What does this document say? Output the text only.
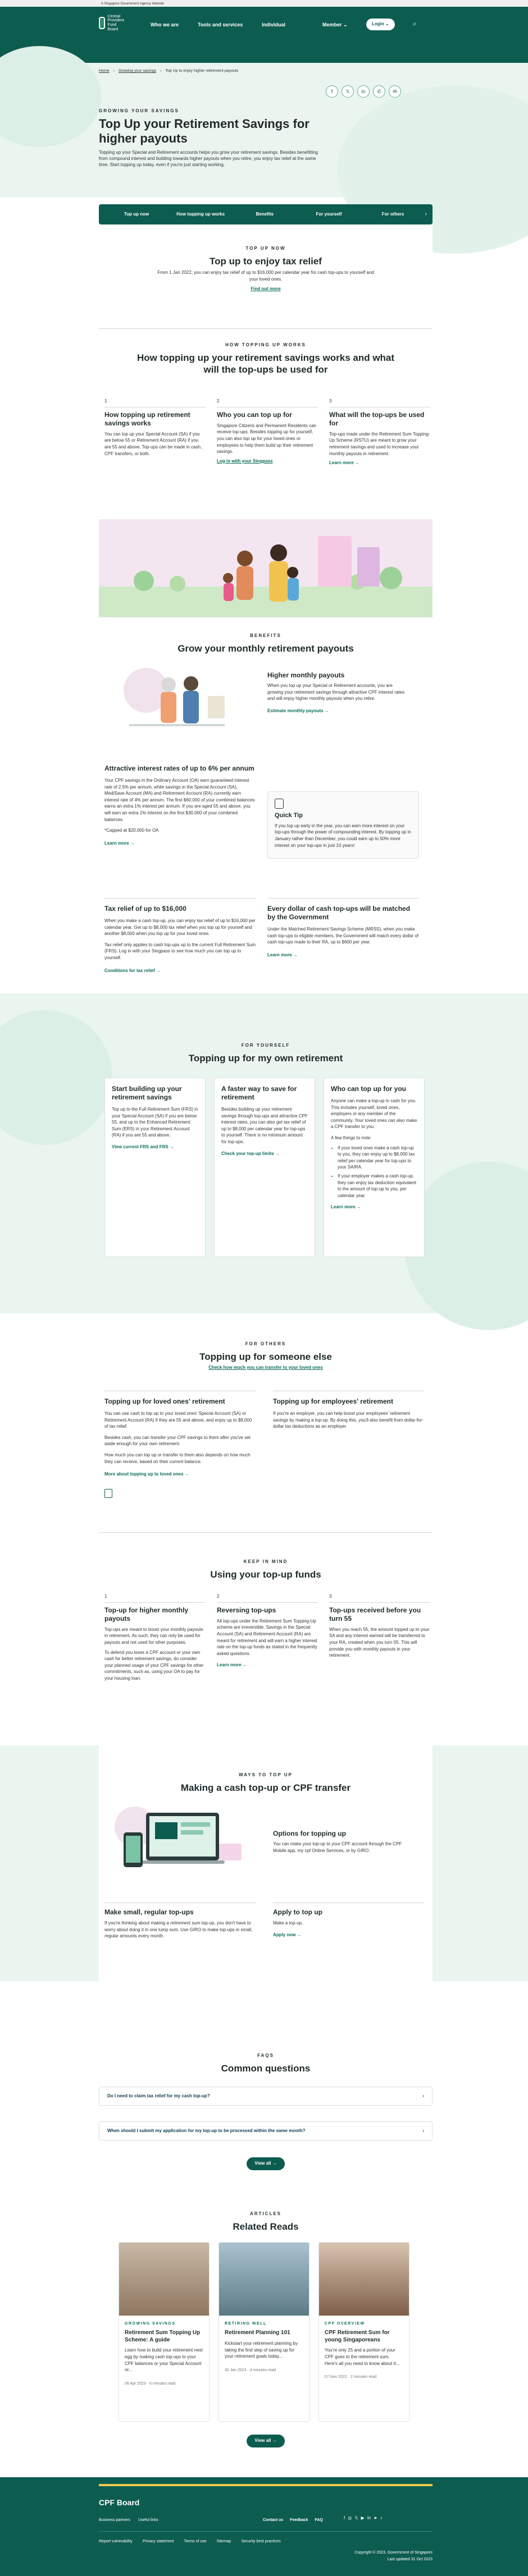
A Singapore Government Agency Website
Central Provident Fund Board
Who we are	Tools and services	Individual	Member ⌄	Login ⌄	⌕
Home › Growing your savings › Top Up to enjoy higher retirement payouts
f	𝕏	in	✆	✉
GROWING YOUR SAVINGS
Top Up your Retirement Savings for higher payouts
Topping up your Special and Retirement accounts helps you grow your retirement savings. Besides benefitting from compound interest and building towards higher payouts when you retire, you enjoy tax relief at the same time. Start topping up today, even if you're just starting working.
Top up now	How topping up works	Benefits	For yourself	For others	›
TOP UP NOW
Top up to enjoy tax relief
From 1 Jan 2022, you can enjoy tax relief of up to $16,000 per calendar year for cash top-ups to yourself and your loved ones.
Find out more
HOW TOPPING UP WORKS
How topping up your retirement savings works and what will the top-ups be used for
1
How topping up retirement savings works
You can top up your Special Account (SA) if you are below 55 or Retirement Account (RA) if you are 55 and above. Top-ups can be made in cash, CPF transfers, or both.
2
Who you can top up for
Singapore Citizens and Permanent Residents can receive top-ups. Besides topping up for yourself, you can also top up for your loved ones or employees to help them build up their retirement savings.
Log in with your Singpass
3
What will the top-ups be used for
Top-ups made under the Retirement Sum Topping-Up Scheme (RSTU) are meant to grow your retirement savings and used to increase your monthly payouts in retirement.
Learn more →
BENEFITS
Grow your monthly retirement payouts
Higher monthly payouts
When you top up your Special or Retirement accounts, you are growing your retirement savings through attractive CPF interest rates and will enjoy higher monthly payouts when you retire.
Estimate monthly payouts →
Attractive interest rates of up to 6% per annum
Your CPF savings in the Ordinary Account (OA) earn guaranteed interest rate of 2.5% per annum, while savings in the Special Account (SA), MediSave Account (MA) and Retirement Account (RA) currently earn interest rate of 4% per annum. The first $60,000 of your combined balances earns an extra 1% interest per annum. If you are aged 55 and above, you will earn an extra 1% interest on the first $30,000 of your combined balances.
*Capped at $20,000 for OA
Learn more →
Quick Tip
If you top up early in the year, you can earn more interest on your top-ups through the power of compounding interest. By topping up in January rather than December, you could earn up to 50% more interest on your top-ups in just 10 years!
Tax relief of up to $16,000
When you make a cash top-up, you can enjoy tax relief of up to $16,000 per calendar year. Get up to $8,000 tax relief when you top up for yourself and another $8,000 when you top up for your loved ones.
Tax relief only applies to cash top-ups up to the current Full Retirement Sum (FRS). Log in with your Singpass to see how much you can top up to yourself.
Conditions for tax relief →
Every dollar of cash top-ups will be matched by the Government
Under the Matched Retirement Savings Scheme (MRSS), when you make cash top-ups to eligible members, the Government will match every dollar of cash top-ups made to their RA, up to $600 per year.
Learn more →
FOR YOURSELF
Topping up for my own retirement
Start building up your retirement savings
Top up to the Full Retirement Sum (FRS) in your Special Account (SA) if you are below 55, and up to the Enhanced Retirement Sum (ERS) in your Retirement Account (RA) if you are 55 and above.
View current FRS and FRS →
A faster way to save for retirement
Besides building up your retirement savings through top-ups and attractive CPF interest rates, you can also get tax relief of up to $8,000 per calendar year for top-ups to yourself. There is no minimum amount for top-ups.
Check your top-up limits →
Who can top up for you
Anyone can make a top-up in cash for you. This includes yourself, loved ones, employers or any member of the community. Your loved ones can also make a CPF transfer to you.
A few things to note:
• If your loved ones make a cash top-up to you, they can enjoy up to $8,000 tax relief per calendar year for top-ups to your SA/RA.
• If your employer makes a cash top-up, they can enjoy tax deduction equivalent to the amount of top-up to you, per calendar year.
Learn more →
FOR OTHERS
Topping up for someone else
Check how much you can transfer to your loved ones
Topping up for loved ones' retirement
You can use cash to top up to your loved ones' Special Account (SA) or Retirement Account (RA) if they are 55 and above, and enjoy up to $8,000 of tax relief.
Besides cash, you can transfer your CPF savings to them after you've set aside enough for your own retirement.
How much you can top up or transfer to them also depends on how much they can receive, based on their current balance.
More about topping up to loved ones →
Topping up for employees' retirement
If you're an employer, you can help boost your employees' retirement savings by making a top-up. By doing this, you'll also benefit from dollar-for-dollar tax deductions as an employer.
KEEP IN MIND
Using your top-up funds
1
Top-up for higher monthly payouts
Top-ups are meant to boost your monthly payouts in retirement. As such, they can only be used for payouts and not used for other purposes.
To defend you loses a CPF account or your own cash for better retirement savings, do consider your planned usage of your CPF savings for other commitments, such as, using your OA to pay for your housing loan.
2
Reversing top-ups
All top-ups under the Retirement Sum Topping-Up scheme are irreversible. Savings in the Special Account (SA) and Retirement Account (RA) are meant for retirement and will earn a higher interest rate on the top-up funds as stated in the frequently asked questions.
Learn more →
3
Top-ups received before you turn 55
When you reach 55, the amount topped up to your SA and any interest earned will be transferred to your RA, created when you turn 55. This will provide you with monthly payouts in your retirement.
WAYS TO TOP UP
Making a cash top-up or CPF transfer
Options for topping up
You can make your top-up to your CPF account through the CPF Mobile app, my cpf Online Services, or by GIRO.
Make small, regular top-ups
If you're thinking about making a retirement sum top-up, you don't have to worry about doing it in one lump sum. Use GIRO to make top-ups in small, regular amounts every month.
Apply to top up
Make a top-up.
Apply now →
FAQS
Common questions
Do I need to claim tax relief for my cash top-up?	›
When should I submit my application for my top-up to be processed within the same month?	›
View all →
ARTICLES
Related Reads
GROWING SAVINGS
Retirement Sum Topping Up Scheme: A guide
Learn how to build your retirement nest egg by making cash top-ups to your CPF balances or your Special Account or...
06 Apr 2023 · 6 minutes read
RETIRING WELL
Retirement Planning 101
Kickstart your retirement planning by taking the first step of saving up for your retirement goals today...
30 Jan 2023 · 4 minutes read
CPF OVERVIEW
CPF Retirement Sum for young Singaporeans
You're only 25 and a portion of your CPF goes to the retirement sum. Here's all you need to know about it...
07 Nov 2022 · 2 minutes read
View all →
CPF Board
Business partners Useful links	Contact us Feedback FAQ	f ◎ 𝕏 ▶ in ➤ ♪
Report vulnerability	Privacy statement	Terms of use	Sitemap	Security best practices
Copyright © 2023, Government of Singapore
Last updated 31 Oct 2023
